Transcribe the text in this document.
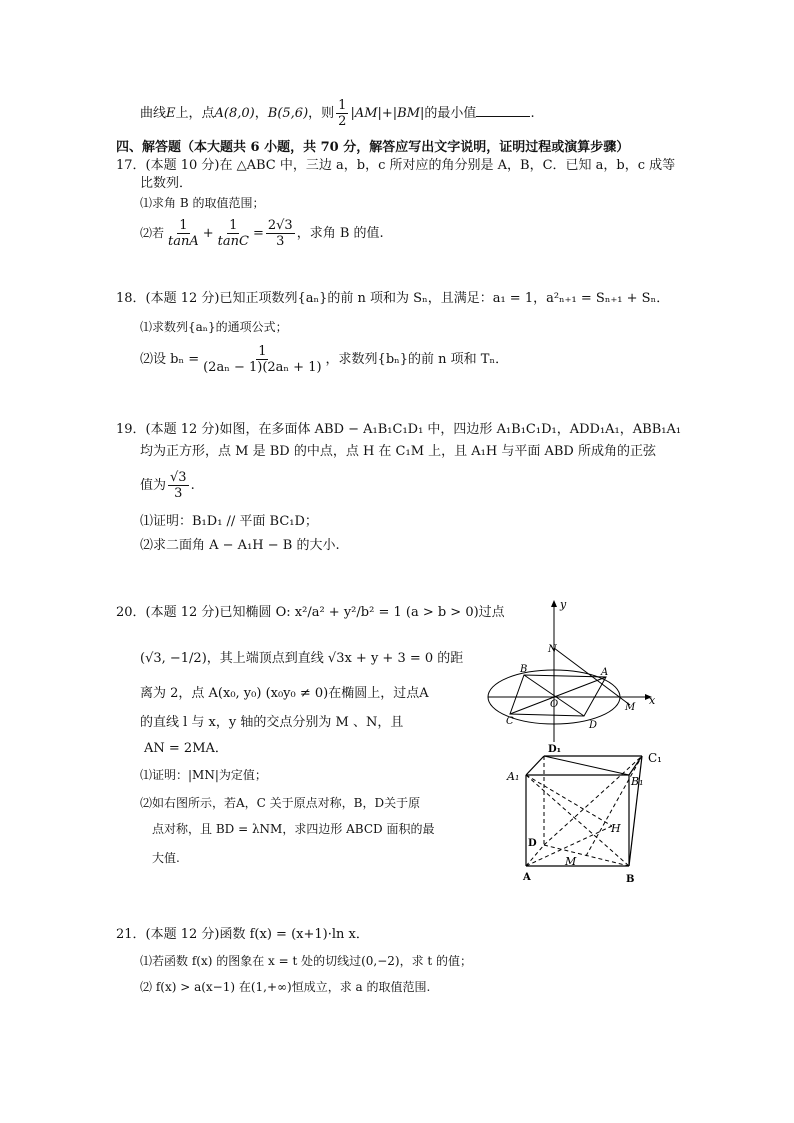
曲线E上，点A(8,0)，B(5,6)，则 $\frac{1}{2} |AM|+|BM|$的最小值	.
四、解答题（本大题共 6 小题，共 70 分，解答应写出文字说明，证明过程或演算步骤）
17．(本题 10 分)在 △ABC 中，三边 a，b，c 所对应的角分别是 A，B，C．已知 a，b，c 成等
比数列．
⑴求角 B 的取值范围；
⑵若 $\frac{1}{\tan A} + \frac{1}{\tan C} = \frac{2√3}{3}$ ，求角 B 的值.
18．(本题 12 分)已知正项数列{aₙ}的前 n 项和为 Sₙ，且满足：a₁ = 1，a²ₙ₊₁ = Sₙ₊₁ + Sₙ．
⑴求数列{aₙ}的通项公式；
⑵设 $b_n = \frac{1}{\text{(2aₙ − 1)(2aₙ + 1)}}$ ，求数列{bₙ}的前 n 项和 Tₙ．
19．(本题 12 分)如图，在多面体 ABD − A₁B₁C₁D₁ 中，四边形 A₁B₁C₁D₁，ADD₁A₁，ABB₁A₁
均为正方形，点 M 是 BD 的中点，点 H 在 C₁M 上，且 A₁H 与平面 ABD 所成角的正弦
值为 $\frac{√3}{3}$ .
⑴证明：B₁D₁ // 平面 BC₁D；
⑵求二面角 A − A₁H − B 的大小.
20．(本题 12 分)已知椭圆 O: x²/a² + y²/b² = 1 (a > b > 0)过点
(√3, −1/2)，其上端顶点到直线 √3x + y + 3 = 0 的距
离为 2，点 A(x₀, y₀) (x₀y₀ ≠ 0)在椭圆上，过点A
的直线 l 与 x，y 轴的交点分别为 M 、N，且
AN = 2MA．
⑴证明：|MN|为定值；
⑵如右图所示，若A，C 关于原点对称，B，D关于原
点对称，且 BD = λNM，求四边形 ABCD 面积的最
大值.
y
x
N
A
B
O	M
C	D
D₁
C₁
A₁	B₁
H
D
M
A	B
21．(本题 12 分)函数 f(x) = (x+1)·ln x．
⑴若函数 f(x) 的图象在 x = t 处的切线过(0,−2)，求 t 的值；
⑵ f(x) > a(x−1) 在(1,+∞)恒成立，求 a 的取值范围.
